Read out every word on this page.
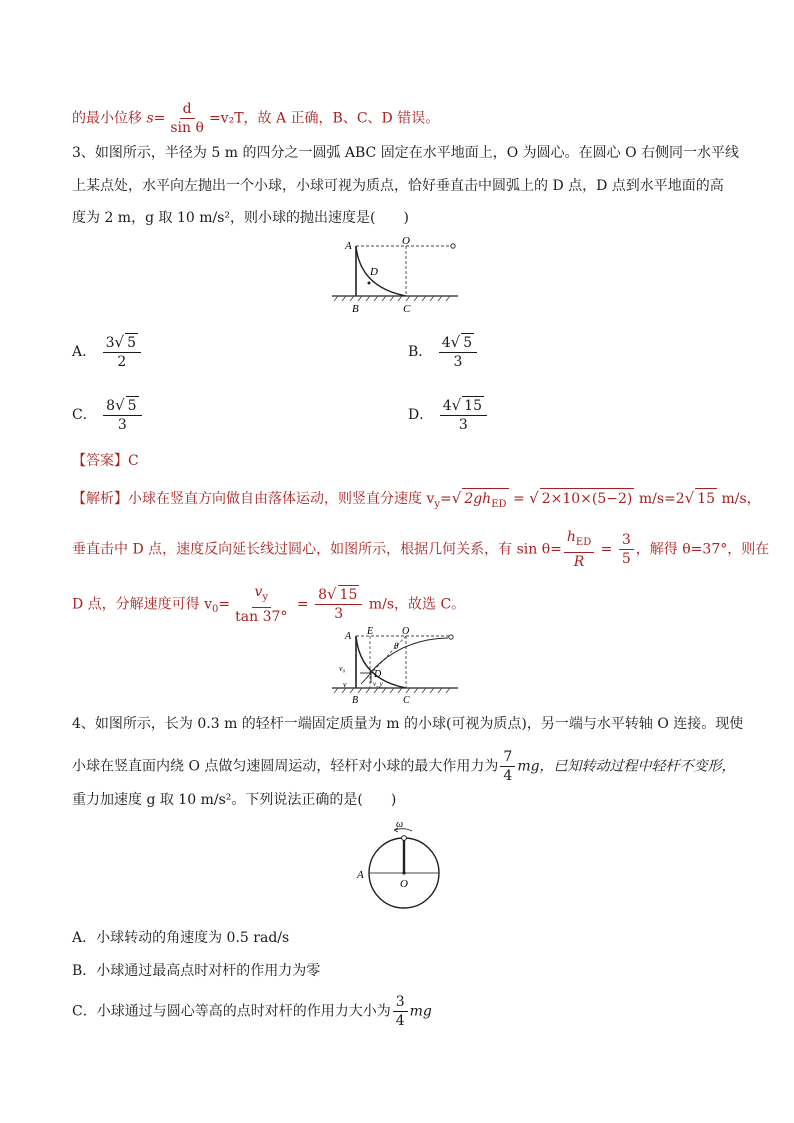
的最小位移 $s= \frac{d}{\text{sin θ}} =v_2T$，故 A 正确，B、C、D 错误。
3、如图所示，半径为 5 m 的四分之一圆弧 ABC 固定在水平地面上，O 为圆心。在圆心 O 右侧同一水平线
上某点处，水平向左抛出一个小球，小球可视为质点，恰好垂直击中圆弧上的 D 点，D 点到水平地面的高
度为 2 m，g 取 10 m/s²，则小球的抛出速度是(　　)
A	O
D
B	C
A． $\frac{3√ 5}{2}$	B． $\frac{4√ 5}{3}$
C． $\frac{8√ 5}{3}$	D． $\frac{4√ 15}{3}$
【答案】C
【解析】小球在竖直方向做自由落体运动，则竖直分速度 $v_y=√$ $2gh_{ED}$ = √ 2×10×(5−2) m/s=2√ 15 m/s，
垂直击中 D 点，速度反向延长线过圆心，如图所示，根据几何关系，有 $\sin \theta= \frac{h_{ED}}{R} = \frac{3}{5}$ ，解得 θ=37°，则在
D 点，分解速度可得 $v_0= \frac{v_y}{\tan 37^\circ} = \frac{8√ 15}{3} m/s$，故选 C。
A E	O
θ
D
v₀
v	v_y
B	C
4、如图所示，长为 0.3 m 的轻杆一端固定质量为 m 的小球(可视为质点)，另一端与水平转轴 O 连接。现使
小球在竖直面内绕 O 点做匀速圆周运动，轻杆对小球的最大作用力为 $\frac{7}{4}$ mg，已知转动过程中轻杆不变形，
重力加速度 g 取 10 m/s²。下列说法正确的是(　　)
ω
A
O
A．小球转动的角速度为 0.5 rad/s
B．小球通过最高点时对杆的作用力为零
C．小球通过与圆心等高的点时对杆的作用力大小为 $\frac{3}{4}$ mg
